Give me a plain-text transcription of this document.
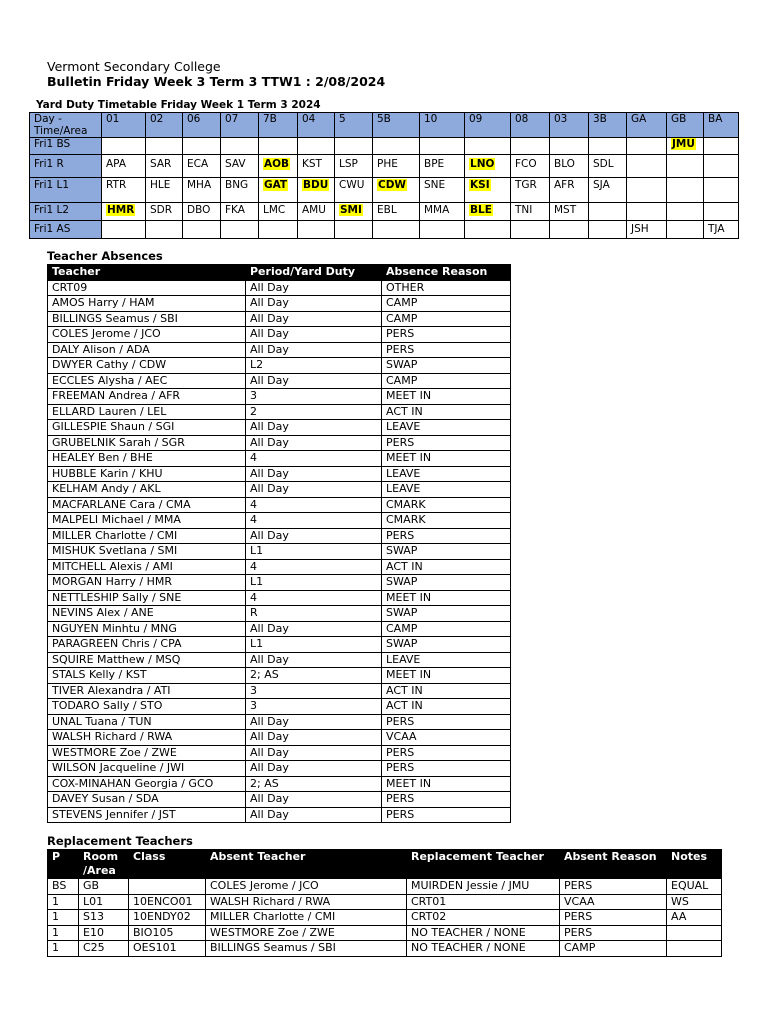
Vermont Secondary College
Bulletin Friday Week 3 Term 3 TTW1 : 2/08/2024
Yard Duty Timetable Friday Week 1 Term 3 2024
Day - Time/Area	01	02	06	07	7B	04	5	5B	10	09	08	03	3B	GA	GB	BA
Fri1 BS															JMU	
Fri1 R	APA	SAR	ECA	SAV	AOB	KST	LSP	PHE	BPE	LNO	FCO	BLO	SDL			
Fri1 L1	RTR	HLE	MHA	BNG	GAT	BDU	CWU	CDW	SNE	KSI	TGR	AFR	SJA			
Fri1 L2	HMR	SDR	DBO	FKA	LMC	AMU	SMI	EBL	MMA	BLE	TNI	MST				
Fri1 AS														JSH		TJA
Teacher Absences
Teacher	Period/Yard Duty	Absence Reason
CRT09	All Day	OTHER
AMOS Harry / HAM	All Day	CAMP
BILLINGS Seamus / SBI	All Day	CAMP
COLES Jerome / JCO	All Day	PERS
DALY Alison / ADA	All Day	PERS
DWYER Cathy / CDW	L2	SWAP
ECCLES Alysha / AEC	All Day	CAMP
FREEMAN Andrea / AFR	3	MEET IN
ELLARD Lauren / LEL	2	ACT IN
GILLESPIE Shaun / SGI	All Day	LEAVE
GRUBELNIK Sarah / SGR	All Day	PERS
HEALEY Ben / BHE	4	MEET IN
HUBBLE Karin / KHU	All Day	LEAVE
KELHAM Andy / AKL	All Day	LEAVE
MACFARLANE Cara / CMA	4	CMARK
MALPELI Michael / MMA	4	CMARK
MILLER Charlotte / CMI	All Day	PERS
MISHUK Svetlana / SMI	L1	SWAP
MITCHELL Alexis / AMI	4	ACT IN
MORGAN Harry / HMR	L1	SWAP
NETTLESHIP Sally / SNE	4	MEET IN
NEVINS Alex / ANE	R	SWAP
NGUYEN Minhtu / MNG	All Day	CAMP
PARAGREEN Chris / CPA	L1	SWAP
SQUIRE Matthew / MSQ	All Day	LEAVE
STALS Kelly / KST	2; AS	MEET IN
TIVER Alexandra / ATI	3	ACT IN
TODARO Sally / STO	3	ACT IN
UNAL Tuana / TUN	All Day	PERS
WALSH Richard / RWA	All Day	VCAA
WESTMORE Zoe / ZWE	All Day	PERS
WILSON Jacqueline / JWI	All Day	PERS
COX-MINAHAN Georgia / GCO	2; AS	MEET IN
DAVEY Susan / SDA	All Day	PERS
STEVENS Jennifer / JST	All Day	PERS
Replacement Teachers
P	Room /Area	Class	Absent Teacher	Replacement Teacher	Absent Reason	Notes
BS	GB		COLES Jerome / JCO	MUIRDEN Jessie / JMU	PERS	EQUAL
1	L01	10ENCO01	WALSH Richard / RWA	CRT01	VCAA	WS
1	S13	10ENDY02	MILLER Charlotte / CMI	CRT02	PERS	AA
1	E10	BIO105	WESTMORE Zoe / ZWE	NO TEACHER / NONE	PERS	
1	C25	OES101	BILLINGS Seamus / SBI	NO TEACHER / NONE	CAMP	
